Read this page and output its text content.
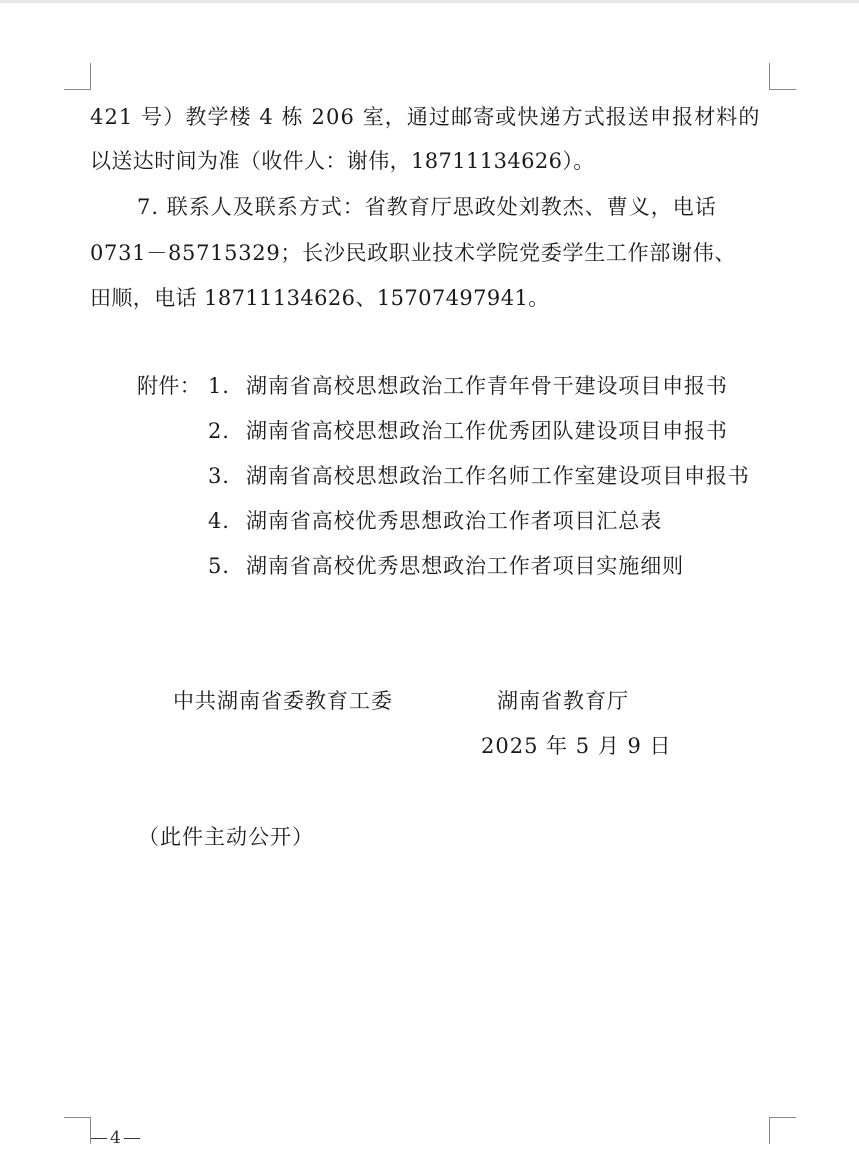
421 号）教学楼 4 栋 206 室，通过邮寄或快递方式报送申报材料的
以送达时间为准（收件人：谢伟，18711134626）。
7. 联系人及联系方式：省教育厅思政处刘教杰、曹义，电话
0731－85715329；长沙民政职业技术学院党委学生工作部谢伟、
田顺，电话 18711134626、15707497941。
附件： 1. 湖南省高校思想政治工作青年骨干建设项目申报书
2. 湖南省高校思想政治工作优秀团队建设项目申报书
3. 湖南省高校思想政治工作名师工作室建设项目申报书
4. 湖南省高校优秀思想政治工作者项目汇总表
5. 湖南省高校优秀思想政治工作者项目实施细则
中共湖南省委教育工委	湖南省教育厅
2025 年 5 月 9 日
（此件主动公开）
4
